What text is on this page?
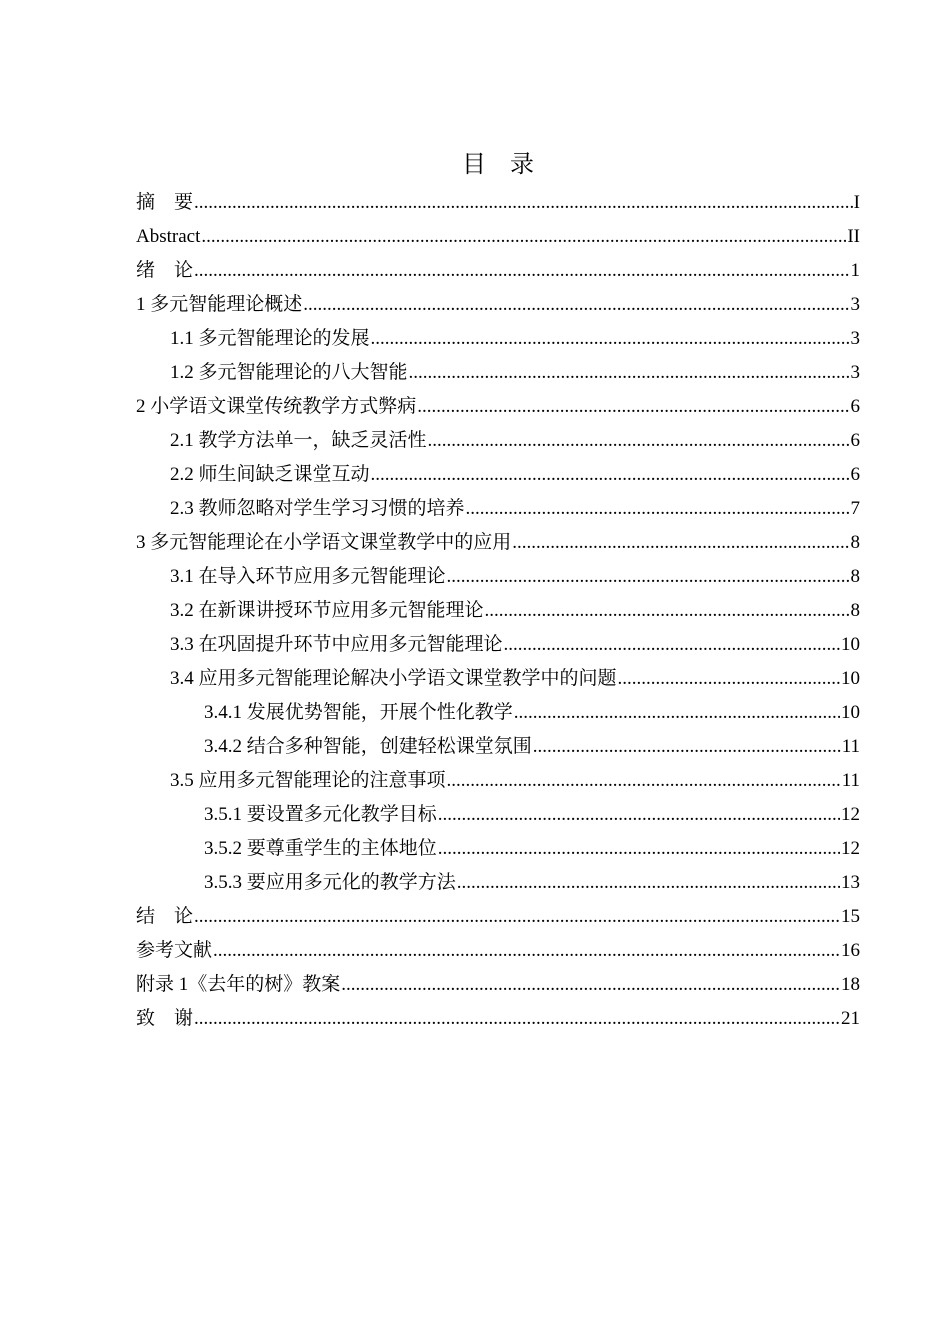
目    录
摘    要 .....	I
Abstract .....	II
绪    论 .....	1
1 多元智能理论概述 .....	3
1.1 多元智能理论的发展 .....	3
1.2 多元智能理论的八大智能 .....	3
2 小学语文课堂传统教学方式弊病 .....	6
2.1 教学方法单一，缺乏灵活性 .....	6
2.2 师生间缺乏课堂互动 .....	6
2.3 教师忽略对学生学习习惯的培养 .....	7
3 多元智能理论在小学语文课堂教学中的应用 .....	8
3.1 在导入环节应用多元智能理论 .....	8
3.2 在新课讲授环节应用多元智能理论 .....	8
3.3 在巩固提升环节中应用多元智能理论 .....	10
3.4 应用多元智能理论解决小学语文课堂教学中的问题 .....	10
3.4.1 发展优势智能，开展个性化教学 .....	10
3.4.2 结合多种智能，创建轻松课堂氛围 .....	11
3.5 应用多元智能理论的注意事项 .....	11
3.5.1 要设置多元化教学目标 .....	12
3.5.2 要尊重学生的主体地位 .....	12
3.5.3 要应用多元化的教学方法 .....	13
结    论 .....	15
参考文献 .....	16
附录 1《去年的树》教案 .....	18
致    谢 .....	21
